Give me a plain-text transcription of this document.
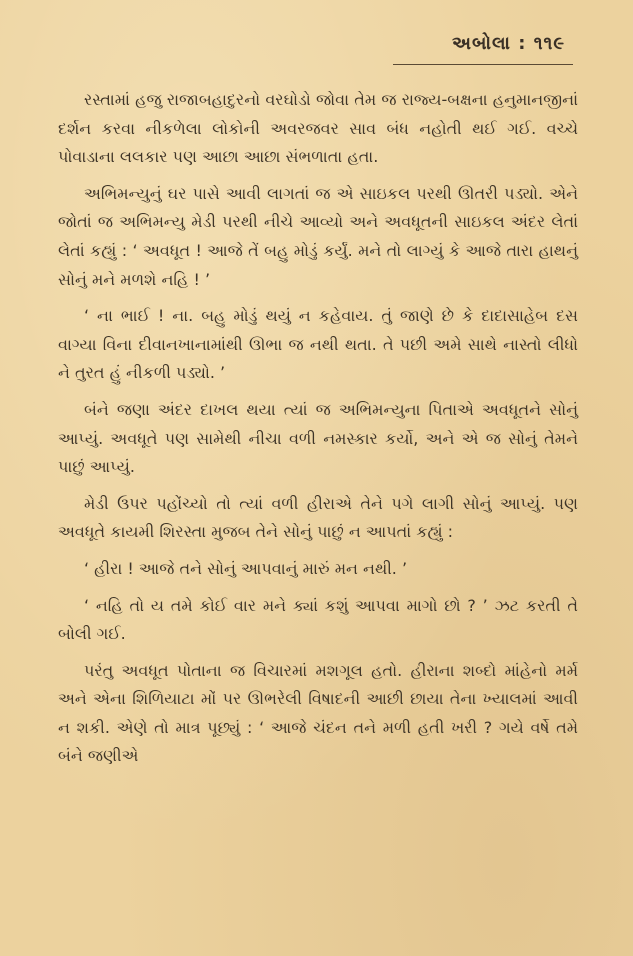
અબોલા : ૧૧૯

રસ્તામાં હજુ રાજાબહાદુરનો વરઘોડો જોવા તેમ જ રાજ્ય-બક્ષના હનુમાનજીનાં દર્શન કરવા નીકળેલા લોકોની અવરજવર સાવ બંધ નહોતી થઈ ગઈ. વચ્ચે પોવાડાના લલકાર પણ આછા આછા સંભળાતા હતા.

અભિમન્યુનું ઘર પાસે આવી લાગતાં જ એ સાઇકલ પરથી ઊતરી પડ્યો. એને જોતાં જ અભિમન્યુ મેડી પરથી નીચે આવ્યો અને અવધૂતની સાઇકલ અંદર લેતાં લેતાં કહ્યું : ‘ અવધૂત ! આજે તેં બહુ મોડું કર્યું. મને તો લાગ્યું કે આજે તારા હાથનું સોનું મને મળશે નહિ ! ’

‘ ના ભાઈ ! ના. બહુ મોડું થયું ન કહેવાય. તું જાણે છે કે દાદાસાહેબ દસ વાગ્યા વિના દીવાનખાનામાંથી ઊભા જ નથી થતા. તે પછી અમે સાથે નાસ્તો લીધો ને તુરત હું નીકળી પડ્યો. ’

બંને જણા અંદર દાખલ થયા ત્યાં જ અભિમન્યુના પિતાએ અવધૂતને સોનું આપ્યું. અવધૂતે પણ સામેથી નીચા વળી નમસ્કાર કર્યો, અને એ જ સોનું તેમને પાછું આપ્યું.

મેડી ઉપર પહોંચ્યો તો ત્યાં વળી હીરાએ તેને પગે લાગી સોનું આપ્યું. પણ અવધૂતે કાયમી શિરસ્તા મુજબ તેને સોનું પાછું ન આપતાં કહ્યું :

‘ હીરા ! આજે તને સોનું આપવાનું મારું મન નથી. ’

‘ નહિ તો ય તમે કોઈ વાર મને ક્યાં કશું આપવા માગો છો ? ’ ઝટ કરતી તે બોલી ગઈ.

પરંતુ અવધૂત પોતાના જ વિચારમાં મશગૂલ હતો. હીરાના શબ્દો માંહેનો મર્મ અને એના શિળિયાટા મોં પર ઊભરેલી વિષાદની આછી છાયા તેના ખ્યાલમાં આવી ન શકી. એણે તો માત્ર પૂછ્યું : ‘ આજે ચંદન તને મળી હતી ખરી ? ગયે વર્ષે તમે બંને જણીએ
